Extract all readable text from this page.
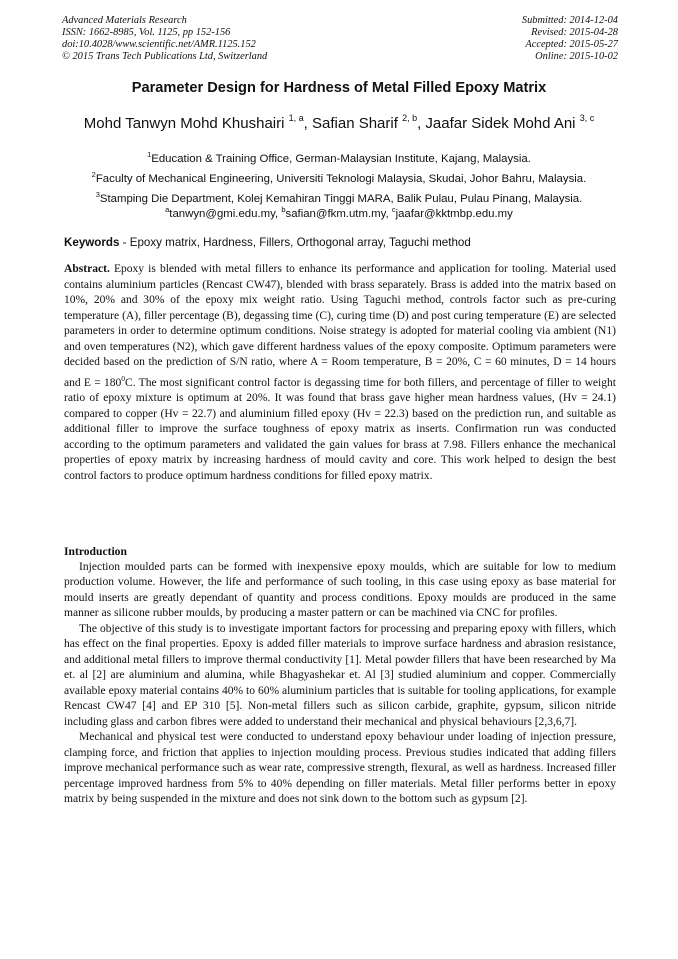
Advanced Materials Research
ISSN: 1662-8985, Vol. 1125, pp 152-156
doi:10.4028/www.scientific.net/AMR.1125.152
© 2015 Trans Tech Publications Ltd, Switzerland
Submitted: 2014-12-04
Revised: 2015-04-28
Accepted: 2015-05-27
Online: 2015-10-02
Parameter Design for Hardness of Metal Filled Epoxy Matrix
Mohd Tanwyn Mohd Khushairi $^{1, a}$, Safian Sharif $^{2, b}$, Jaafar Sidek Mohd Ani $^{3, c}$
$^1$Education & Training Office, German-Malaysian Institute, Kajang, Malaysia.
$^2$Faculty of Mechanical Engineering, Universiti Teknologi Malaysia, Skudai, Johor Bahru, Malaysia.
$^3$Stamping Die Department, Kolej Kemahiran Tinggi MARA, Balik Pulau, Pulau Pinang, Malaysia.
$^a$tanwyn@gmi.edu.my, $^b$safian@fkm.utm.my, $^c$jaafar@kktmbp.edu.my
Keywords - Epoxy matrix, Hardness, Fillers, Orthogonal array, Taguchi method
Abstract. Epoxy is blended with metal fillers to enhance its performance and application for tooling. Material used contains aluminium particles (Rencast CW47), blended with brass separately. Brass is added into the matrix based on 10%, 20% and 30% of the epoxy mix weight ratio. Using Taguchi method, controls factor such as pre-curing temperature (A), filler percentage (B), degassing time (C), curing time (D) and post curing temperature (E) are selected parameters in order to determine optimum conditions. Noise strategy is adopted for material cooling via ambient (N1) and oven temperatures (N2), which gave different hardness values of the epoxy composite. Optimum parameters were decided based on the prediction of S/N ratio, where A = Room temperature, B = 20%, C = 60 minutes, D = 14 hours and $E = 180^0C$. The most significant control factor is degassing time for both fillers, and percentage of filler to weight ratio of epoxy mixture is optimum at 20%. It was found that brass gave higher mean hardness values, (Hv = 24.1) compared to copper (Hv = 22.7) and aluminium filled epoxy (Hv = 22.3) based on the prediction run, and suitable as additional filler to improve the surface toughness of epoxy matrix as inserts. Confirmation run was conducted according to the optimum parameters and validated the gain values for brass at 7.98. Fillers enhance the mechanical properties of epoxy matrix by increasing hardness of mould cavity and core. This work helped to design the best control factors to produce optimum hardness conditions for filled epoxy matrix.
Introduction

Injection moulded parts can be formed with inexpensive epoxy moulds, which are suitable for low to medium production volume. However, the life and performance of such tooling, in this case using epoxy as base material for mould inserts are greatly dependant of quantity and process conditions. Epoxy moulds are produced in the same manner as silicone rubber moulds, by producing a master pattern or can be machined via CNC for profiles.

The objective of this study is to investigate important factors for processing and preparing epoxy with fillers, which has effect on the final properties. Epoxy is added filler materials to improve surface hardness and abrasion resistance, and additional metal fillers to improve thermal conductivity [1]. Metal powder fillers that have been researched by Ma et. al [2] are aluminium and alumina, while Bhagyashekar et. Al [3] studied aluminium and copper. Commercially available epoxy material contains 40% to 60% aluminium particles that is suitable for tooling applications, for example Rencast CW47 [4] and EP 310 [5]. Non-metal fillers such as silicon carbide, graphite, gypsum, silicon nitride including glass and carbon fibres were added to understand their mechanical and physical behaviours [2,3,6,7].

Mechanical and physical test were conducted to understand epoxy behaviour under loading of injection pressure, clamping force, and friction that applies to injection moulding process. Previous studies indicated that adding fillers improve mechanical performance such as wear rate, compressive strength, flexural, as well as hardness. Increased filler percentage improved hardness from 5% to 40% depending on filler materials. Metal filler performs better in epoxy matrix by being suspended in the mixture and does not sink down to the bottom such as gypsum [2].
